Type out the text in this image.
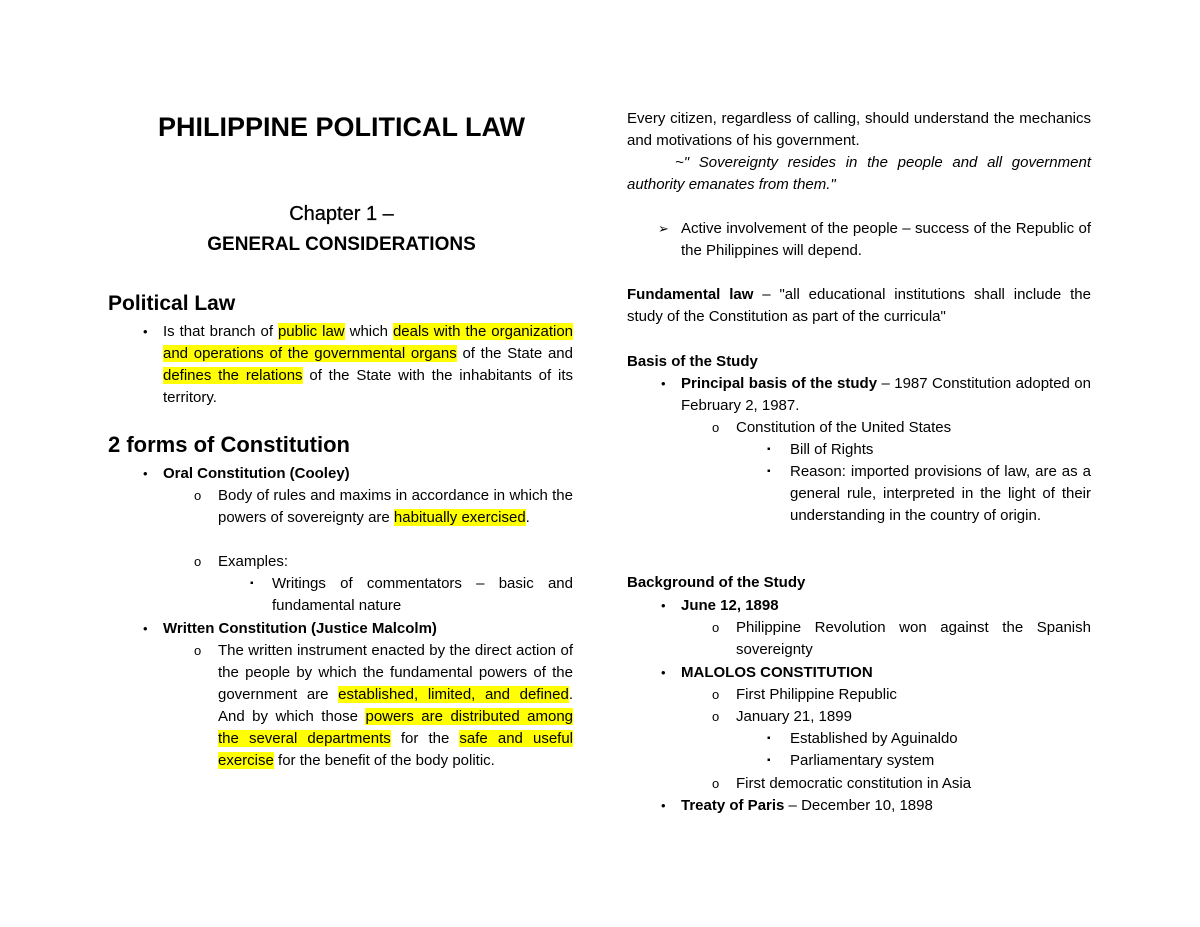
PHILIPPINE POLITICAL LAW
Chapter 1 –
GENERAL CONSIDERATIONS
Political Law
• Is that branch of public law which deals with the organization and operations of the governmental organs of the State and defines the relations of the State with the inhabitants of its territory.
2 forms of Constitution
• Oral Constitution (Cooley)
o Body of rules and maxims in accordance in which the powers of sovereignty are habitually exercised.
o Examples:
▪ Writings of commentators – basic and fundamental nature
• Written Constitution (Justice Malcolm)
o The written instrument enacted by the direct action of the people by which the fundamental powers of the government are established, limited, and defined. And by which those powers are distributed among the several departments for the safe and useful exercise for the benefit of the body politic.
Every citizen, regardless of calling, should understand the mechanics and motivations of his government.
~" Sovereignty resides in the people and all government authority emanates from them."
➢ Active involvement of the people – success of the Republic of the Philippines will depend.
Fundamental law – "all educational institutions shall include the study of the Constitution as part of the curricula"
Basis of the Study
• Principal basis of the study – 1987 Constitution adopted on February 2, 1987.
o Constitution of the United States
▪ Bill of Rights
▪ Reason: imported provisions of law, are as a general rule, interpreted in the light of their understanding in the country of origin.
Background of the Study
• June 12, 1898
o Philippine Revolution won against the Spanish sovereignty
• MALOLOS CONSTITUTION
o First Philippine Republic
o January 21, 1899
▪ Established by Aguinaldo
▪ Parliamentary system
o First democratic constitution in Asia
• Treaty of Paris – December 10, 1898
